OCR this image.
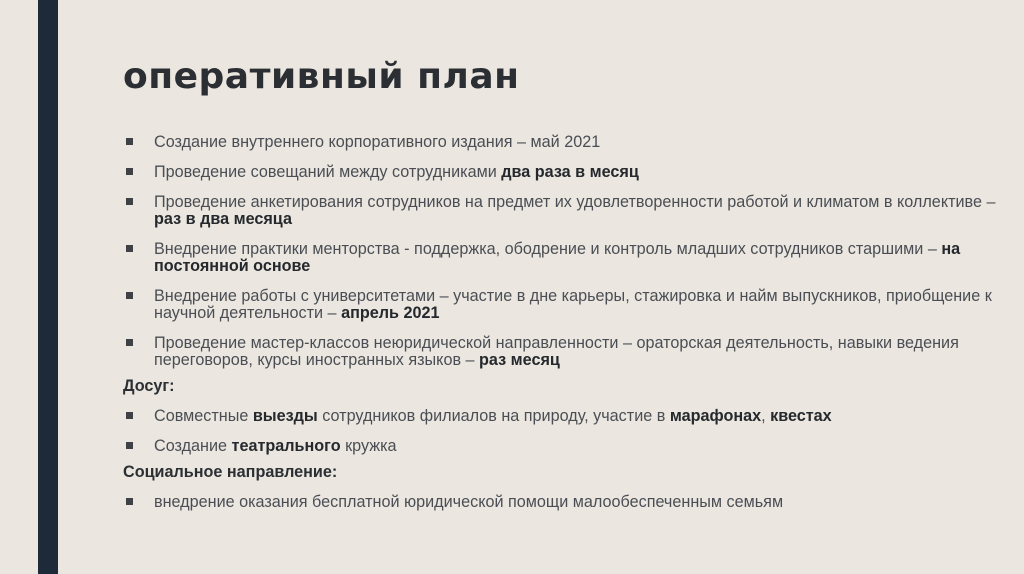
оперативный план
Создание внутреннего корпоративного издания – май 2021
Проведение совещаний между сотрудниками два раза в месяц
Проведение анкетирования сотрудников на предмет их удовлетворенности работой и климатом в коллективе – раз в два месяца
Внедрение практики менторства - поддержка, ободрение и контроль младших сотрудников старшими – на постоянной основе
Внедрение работы с университетами – участие в дне карьеры, стажировка и найм выпускников, приобщение к научной деятельности – апрель 2021
Проведение мастер-классов неюридической направленности – ораторская деятельность, навыки ведения переговоров, курсы иностранных языков – раз месяц
Досуг:
Совместные выезды сотрудников филиалов на природу, участие в марафонах, квестах
Создание театрального кружка
Социальное направление:
внедрение оказания бесплатной юридической помощи малообеспеченным семьям
